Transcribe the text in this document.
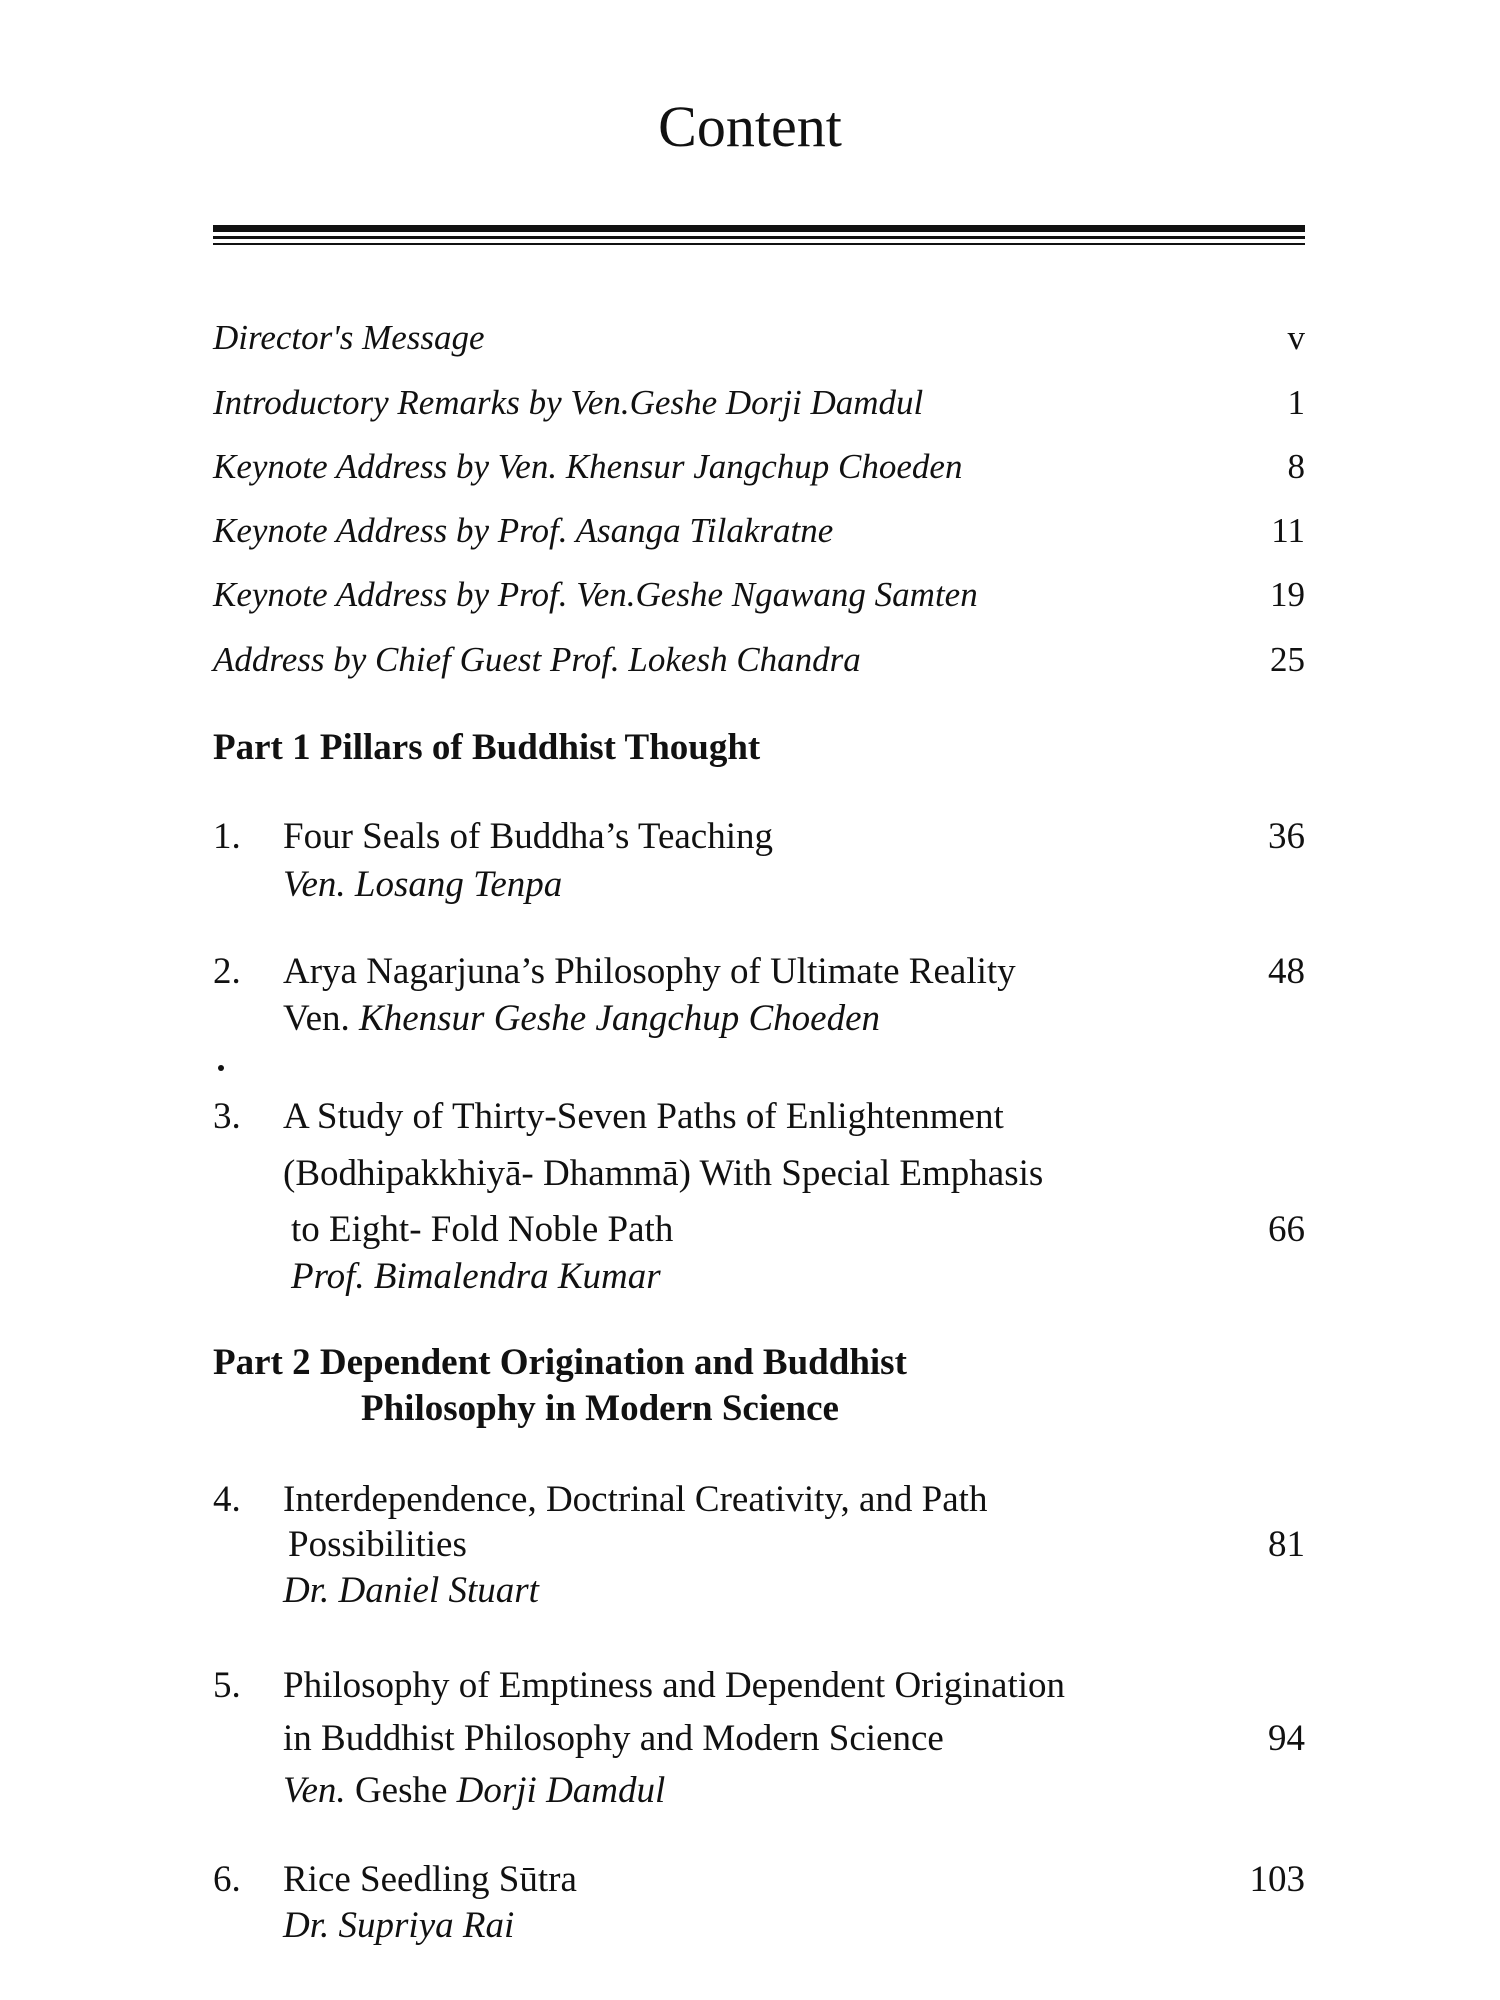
Content
Director's Message	v
Introductory Remarks by Ven.Geshe Dorji Damdul	1
Keynote Address by Ven. Khensur Jangchup Choeden	8
Keynote Address by Prof. Asanga Tilakratne	11
Keynote Address by Prof. Ven.Geshe Ngawang Samten	19
Address by Chief Guest Prof. Lokesh Chandra	25
Part 1 Pillars of Buddhist Thought
1. Four Seals of Buddha’s Teaching	36
Ven. Losang Tenpa
2. Arya Nagarjuna’s Philosophy of Ultimate Reality	48
Ven. Khensur Geshe Jangchup Choeden
3. A Study of Thirty-Seven Paths of Enlightenment
(Bodhipakkhiyā- Dhammā) With Special Emphasis
to Eight- Fold Noble Path	66
Prof. Bimalendra Kumar
Part 2 Dependent Origination and Buddhist
Philosophy in Modern Science
4. Interdependence, Doctrinal Creativity, and Path
Possibilities	81
Dr. Daniel Stuart
5. Philosophy of Emptiness and Dependent Origination
in Buddhist Philosophy and Modern Science	94
Ven. Geshe Dorji Damdul
6. Rice Seedling Sūtra	103
Dr. Supriya Rai
